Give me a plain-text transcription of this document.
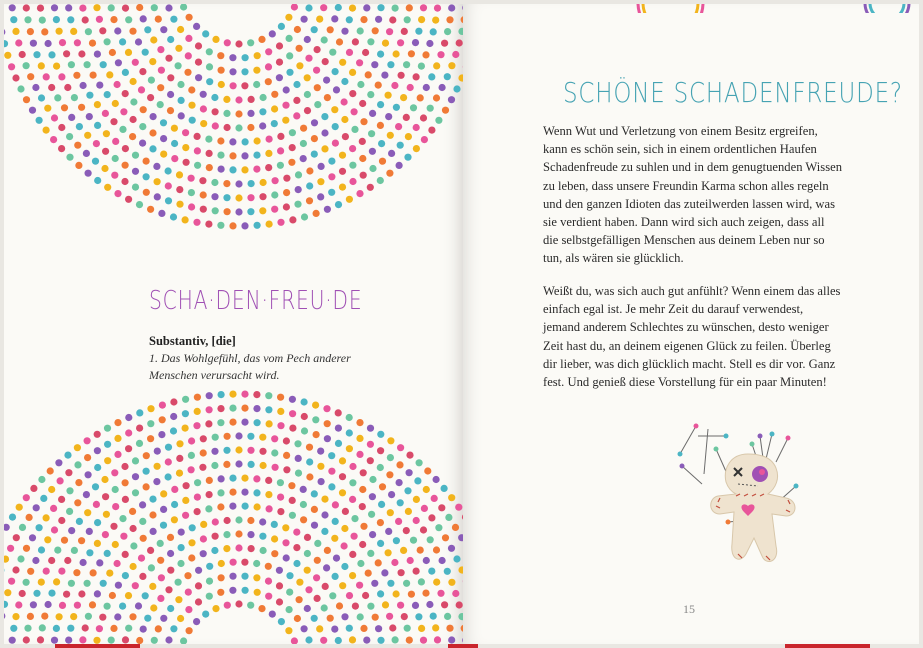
SCHA·DEN·FREU·DE

Substantiv, [die]

1. Das Wohlgefühl, das vom Pech anderer Menschen verursacht wird.

SCHÖNE SCHADENFREUDE?

Wenn Wut und Verletzung von einem Besitz ergreifen, kann es schön sein, sich in einem ordentlichen Haufen Schadenfreude zu suhlen und in dem genugtuenden Wissen zu leben, dass unsere Freundin Karma schon alles regeln und den ganzen Idioten das zuteilwerden lassen wird, was sie verdient haben. Dann wird sich auch zeigen, dass all die selbstgefälligen Menschen aus deinem Leben nur so tun, als wären sie glücklich.

Weißt du, was sich auch gut anfühlt? Wenn einem das alles einfach egal ist. Je mehr Zeit du darauf verwendest, jemand anderem Schlechtes zu wünschen, desto weniger Zeit hast du, an deinem eigenen Glück zu feilen. Überleg dir lieber, was dich glücklich macht. Stell es dir vor. Ganz fest. Und genieß diese Vorstellung für ein paar Minuten!

15
